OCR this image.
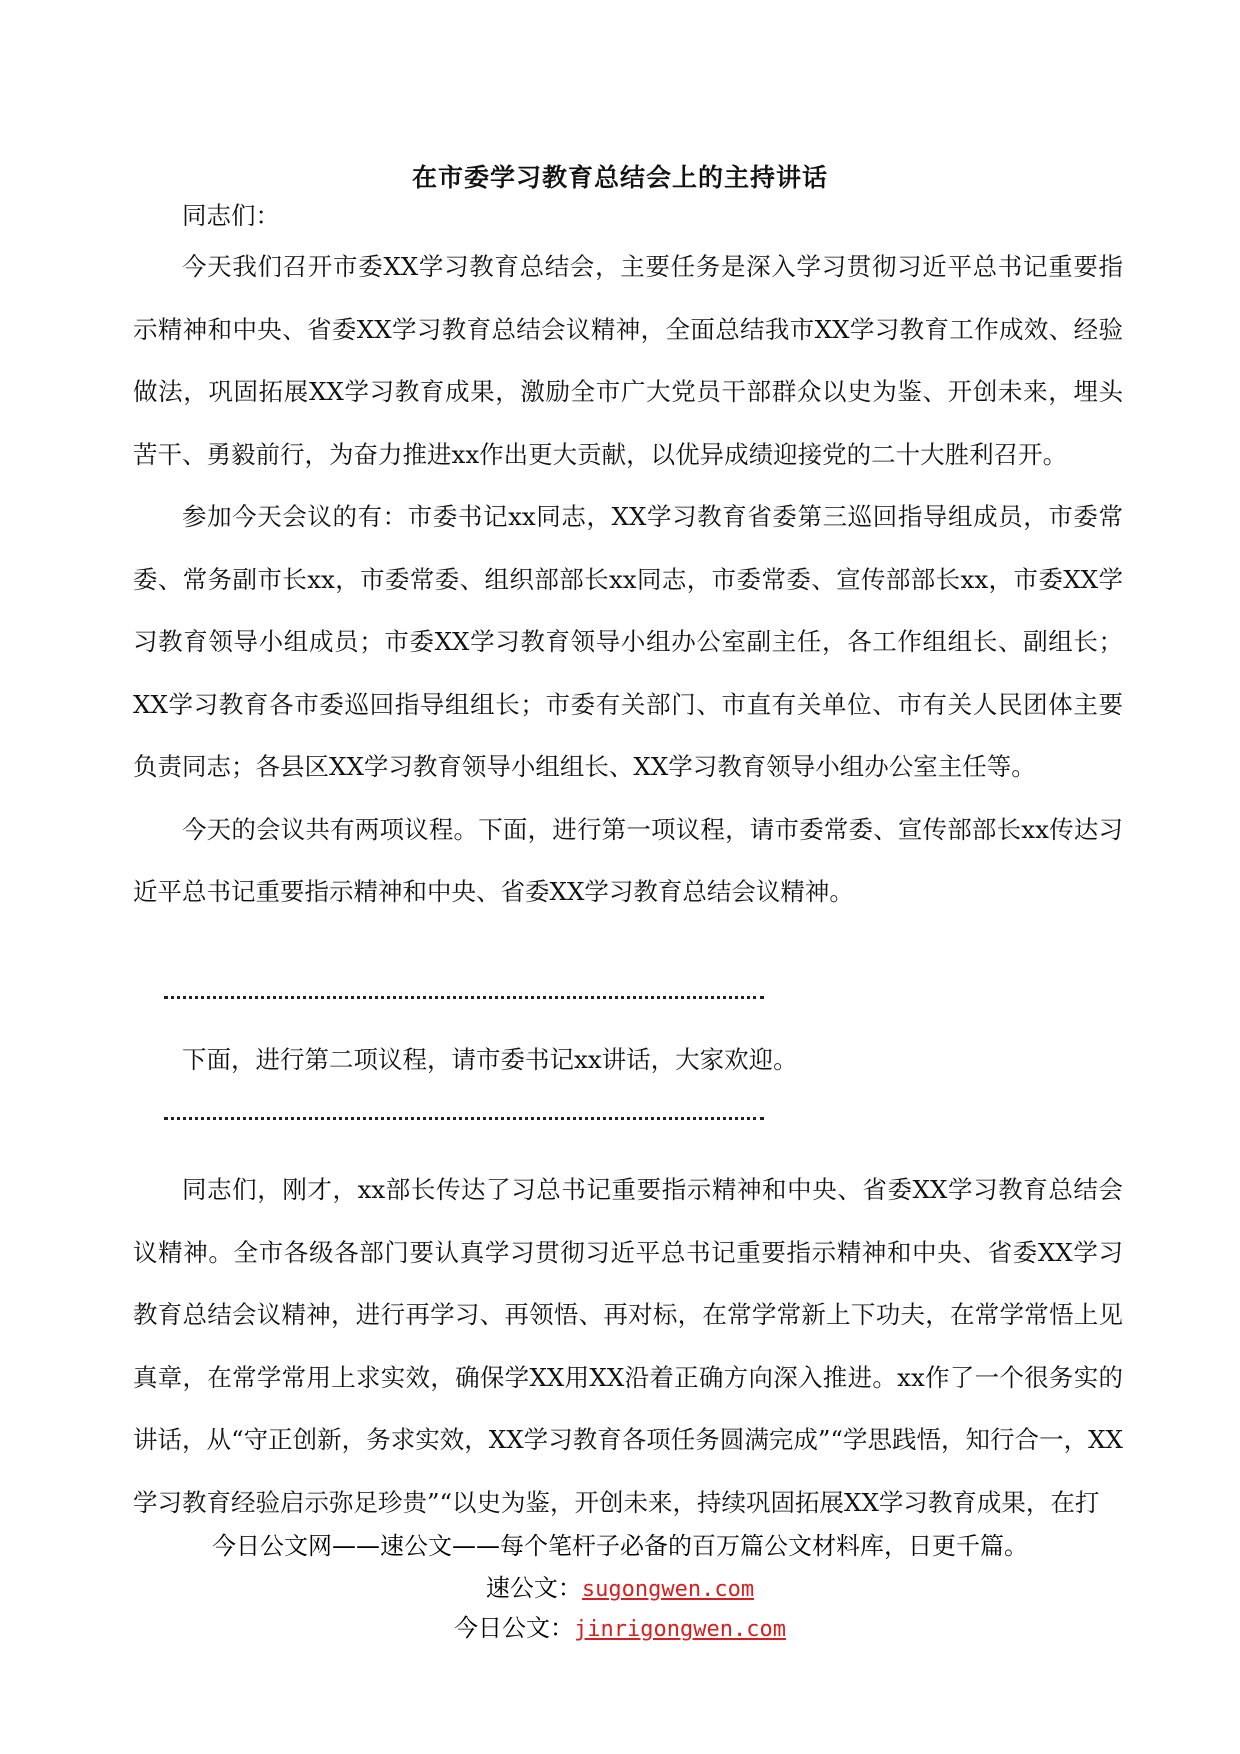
在市委学习教育总结会上的主持讲话

同志们：

今天我们召开市委XX学习教育总结会，主要任务是深入学习贯彻习近平总书记重要指示精神和中央、省委XX学习教育总结会议精神，全面总结我市XX学习教育工作成效、经验做法，巩固拓展XX学习教育成果，激励全市广大党员干部群众以史为鉴、开创未来，埋头苦干、勇毅前行，为奋力推进xx作出更大贡献，以优异成绩迎接党的二十大胜利召开。

参加今天会议的有：市委书记xx同志，XX学习教育省委第三巡回指导组成员，市委常委、常务副市长xx，市委常委、组织部部长xx同志，市委常委、宣传部部长xx，市委XX学习教育领导小组成员；市委XX学习教育领导小组办公室副主任，各工作组组长、副组长；XX学习教育各市委巡回指导组组长；市委有关部门、市直有关单位、市有关人民团体主要负责同志；各县区XX学习教育领导小组组长、XX学习教育领导小组办公室主任等。

今天的会议共有两项议程。下面，进行第一项议程，请市委常委、宣传部部长xx传达习近平总书记重要指示精神和中央、省委XX学习教育总结会议精神。

下面，进行第二项议程，请市委书记xx讲话，大家欢迎。

同志们，刚才，xx部长传达了习总书记重要指示精神和中央、省委XX学习教育总结会议精神。全市各级各部门要认真学习贯彻习近平总书记重要指示精神和中央、省委XX学习教育总结会议精神，进行再学习、再领悟、再对标，在常学常新上下功夫，在常学常悟上见真章，在常学常用上求实效，确保学XX用XX沿着正确方向深入推进。xx作了一个很务实的讲话，从“守正创新，务求实效，XX学习教育各项任务圆满完成”“学思践悟，知行合一，XX学习教育经验启示弥足珍贵”“以史为鉴，开创未来，持续巩固拓展XX学习教育成果，在打

今日公文网——速公文——每个笔杆子必备的百万篇公文材料库，日更千篇。
速公文：sugongwen.com
今日公文：jinrigongwen.com
